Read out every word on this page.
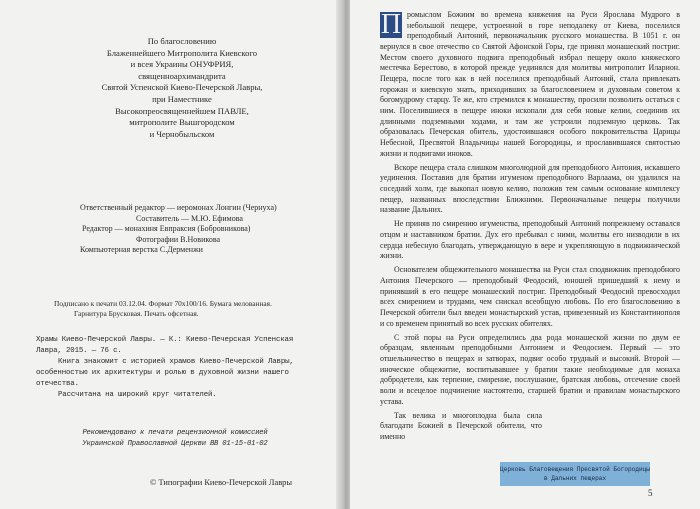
По благословению
Блаженнейшего Митрополита Киевского
и всея Украины ОНУФРИЯ,
священноархимандрита
Святой Успенской Киево-Печерской Лавры,
при Наместнике
Высокопреосвященнейшем ПАВЛЕ,
митрополите Вышгородском
и Чернобыльском
Ответственный редактор — иеромонах Лонгин (Чернуха)
Составитель — М.Ю. Ефимова
Редактор — монахиня Евпраксия (Бобровникова)
Фотографии В.Новикова
Компьютерная верстка С.Дерменжи
Подписано к печати 03.12.04. Формат 70x100/16. Бумага мелованная.
Гарнитура Брусковая. Печать офсетная.

Храмы Киево-Печерской Лавры. — К.: Киево-Печерская Успенская Лавра, 2015. — 76 с.

Книга знакомит с историей храмов Киево-Печерской Лавры, особенностью их архитектуры и ролью в духовной жизни нашего отечества.

Рассчитана на широкий круг читателей.

Рекомендовано к печати рецензионной комиссией Украинской Православной Церкви ВВ 01-15-01-02
© Типографии Киево-Печерской Лавры

П ромыслом Божиим во времена княжения на Руси Ярослава Мудрого в небольшой пещере, устроенной в горе неподалеку от Киева, поселился преподобный Антоний, первоначальник русского монашества. В 1051 г. он вернулся в свое отечество со Святой Афонской Горы, где принял монашеский постриг. Местом своего духовного подвига преподобный избрал пещеру около княжеского местечка Берестово, в которой прежде уединялся для молитвы митрополит Иларион. Пещера, после того как в ней поселился преподобный Антоний, стала привлекать горожан и киевскую знать, приходивших за благословением и духовным советом к богомудрому старцу. Те же, кто стремился к монашеству, просили позволить остаться с ним. Поселившиеся в пещере иноки ископали для себя новые келии, соединив их длинными подземными ходами, и там же устроили подземную церковь. Так образовалась Печерская обитель, удостоившаяся особого покровительства Царицы Небесной, Пресвятой Владычицы нашей Богородицы, и прославившаяся святостью жизни и подвигами иноков.

Вскоре пещера стала слишком многолюдной для преподобного Антония, искавшего уединения. Поставив для братии игуменом преподобного Варлаама, он удалился на соседний холм, где выкопал новую келию, положив тем самым основание комплексу пещер, названных впоследствии Ближними. Первоначальные пещеры получили название Дальних.

Не приняв по смирению игуменства, преподобный Антоний попрежнему оставался отцом и наставником братии. Дух его пребывал с ними, молитвы его низводили в их сердца небесную благодать, утверждающую в вере и укрепляющую в подвижнической жизни.

Основателем общежительного монашества на Руси стал сподвижник преподобного Антония Печерского — преподобный Феодосий, юношей пришедший к нему и принявший в его пещере монашеский постриг. Преподобный Феодосий превосходил всех смирением и трудами, чем снискал всеобщую любовь. По его благословению в Печерской обители был введен монастырский устав, привезенный из Константинополя и со временем принятый во всех русских обителях.

С этой поры на Руси определились два рода монашеской жизни по двум ее образцам, явленным преподобными Антонием и Феодосием. Первый — это отшельничество в пещерах и затворах, подвиг особо трудный и высокий. Второй — иноческое общежитие, воспитывавшее у братии такие необходимые для монаха добродетели, как терпение, смирение, послушание, братская любовь, отсечение своей воли и всецелое подчинение настоятелю, старшей братии и правилам монастырского устава.

Так велика и многоплодна была сила благодати Божией в Печерской обители, что именно

Церковь Благовещения Пресвятой Богородицы в Дальних пещерах
5
